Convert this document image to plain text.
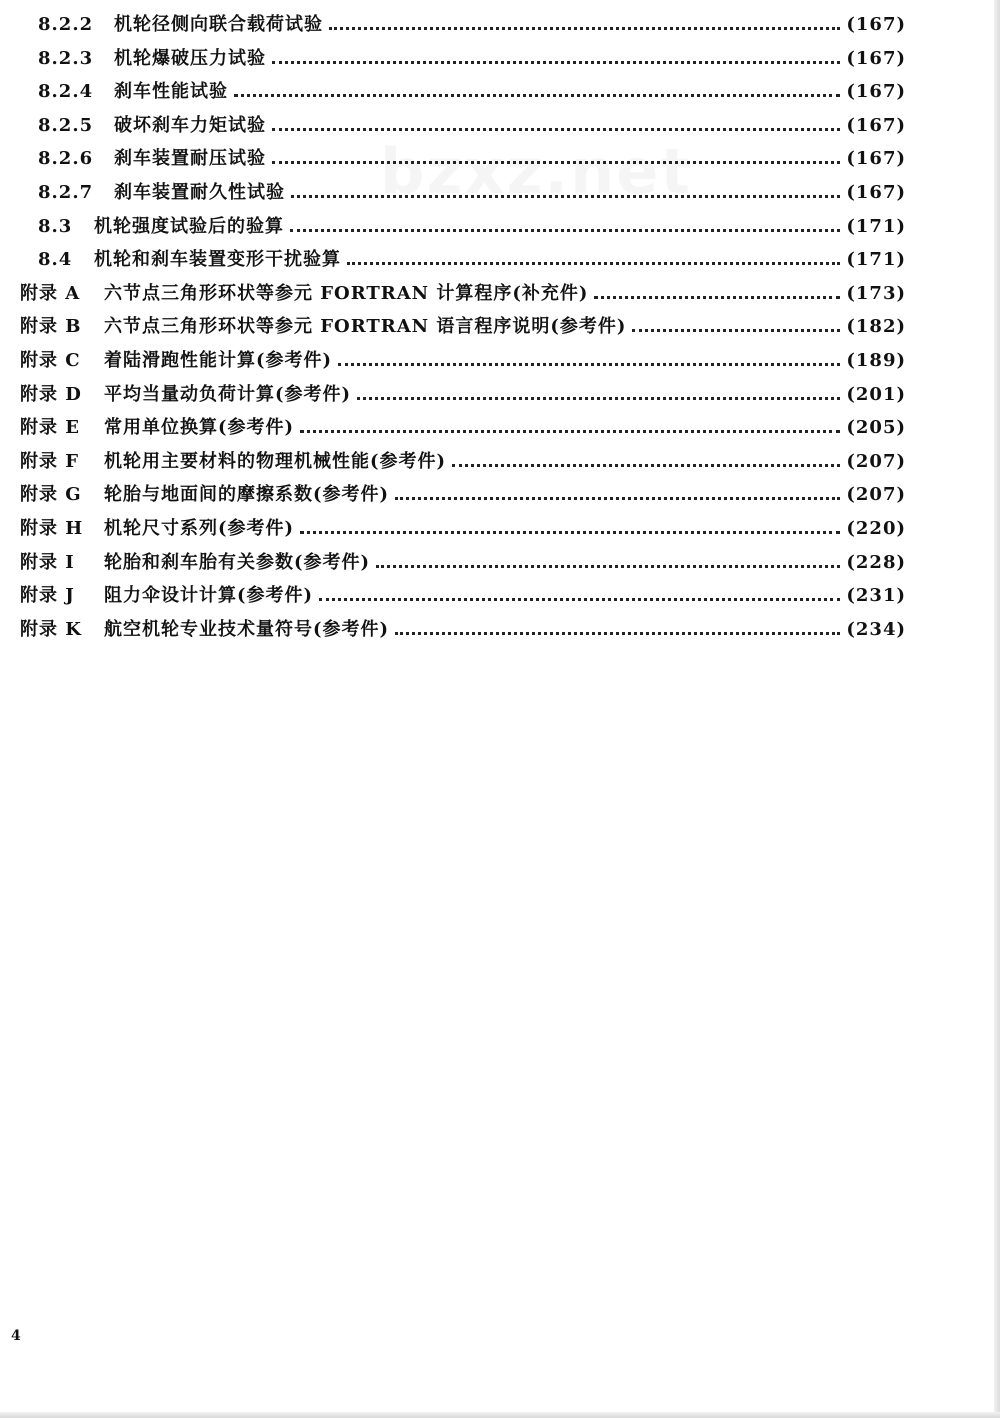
bzxz.net
8.2.2	机轮径侧向联合载荷试验	(167)
8.2.3	机轮爆破压力试验	(167)
8.2.4	刹车性能试验	(167)
8.2.5	破坏刹车力矩试验	(167)
8.2.6	刹车装置耐压试验	(167)
8.2.7	刹车装置耐久性试验	(167)
8.3	机轮强度试验后的验算	(171)
8.4	机轮和刹车装置变形干扰验算	(171)
附录 A	六节点三角形环状等参元 FORTRAN 计算程序(补充件)	(173)
附录 B	六节点三角形环状等参元 FORTRAN 语言程序说明(参考件)	(182)
附录 C	着陆滑跑性能计算(参考件)	(189)
附录 D	平均当量动负荷计算(参考件)	(201)
附录 E	常用单位换算(参考件)	(205)
附录 F	机轮用主要材料的物理机械性能(参考件)	(207)
附录 G	轮胎与地面间的摩擦系数(参考件)	(207)
附录 H	机轮尺寸系列(参考件)	(220)
附录 I	轮胎和刹车胎有关参数(参考件)	(228)
附录 J	阻力伞设计计算(参考件)	(231)
附录 K	航空机轮专业技术量符号(参考件)	(234)
4
